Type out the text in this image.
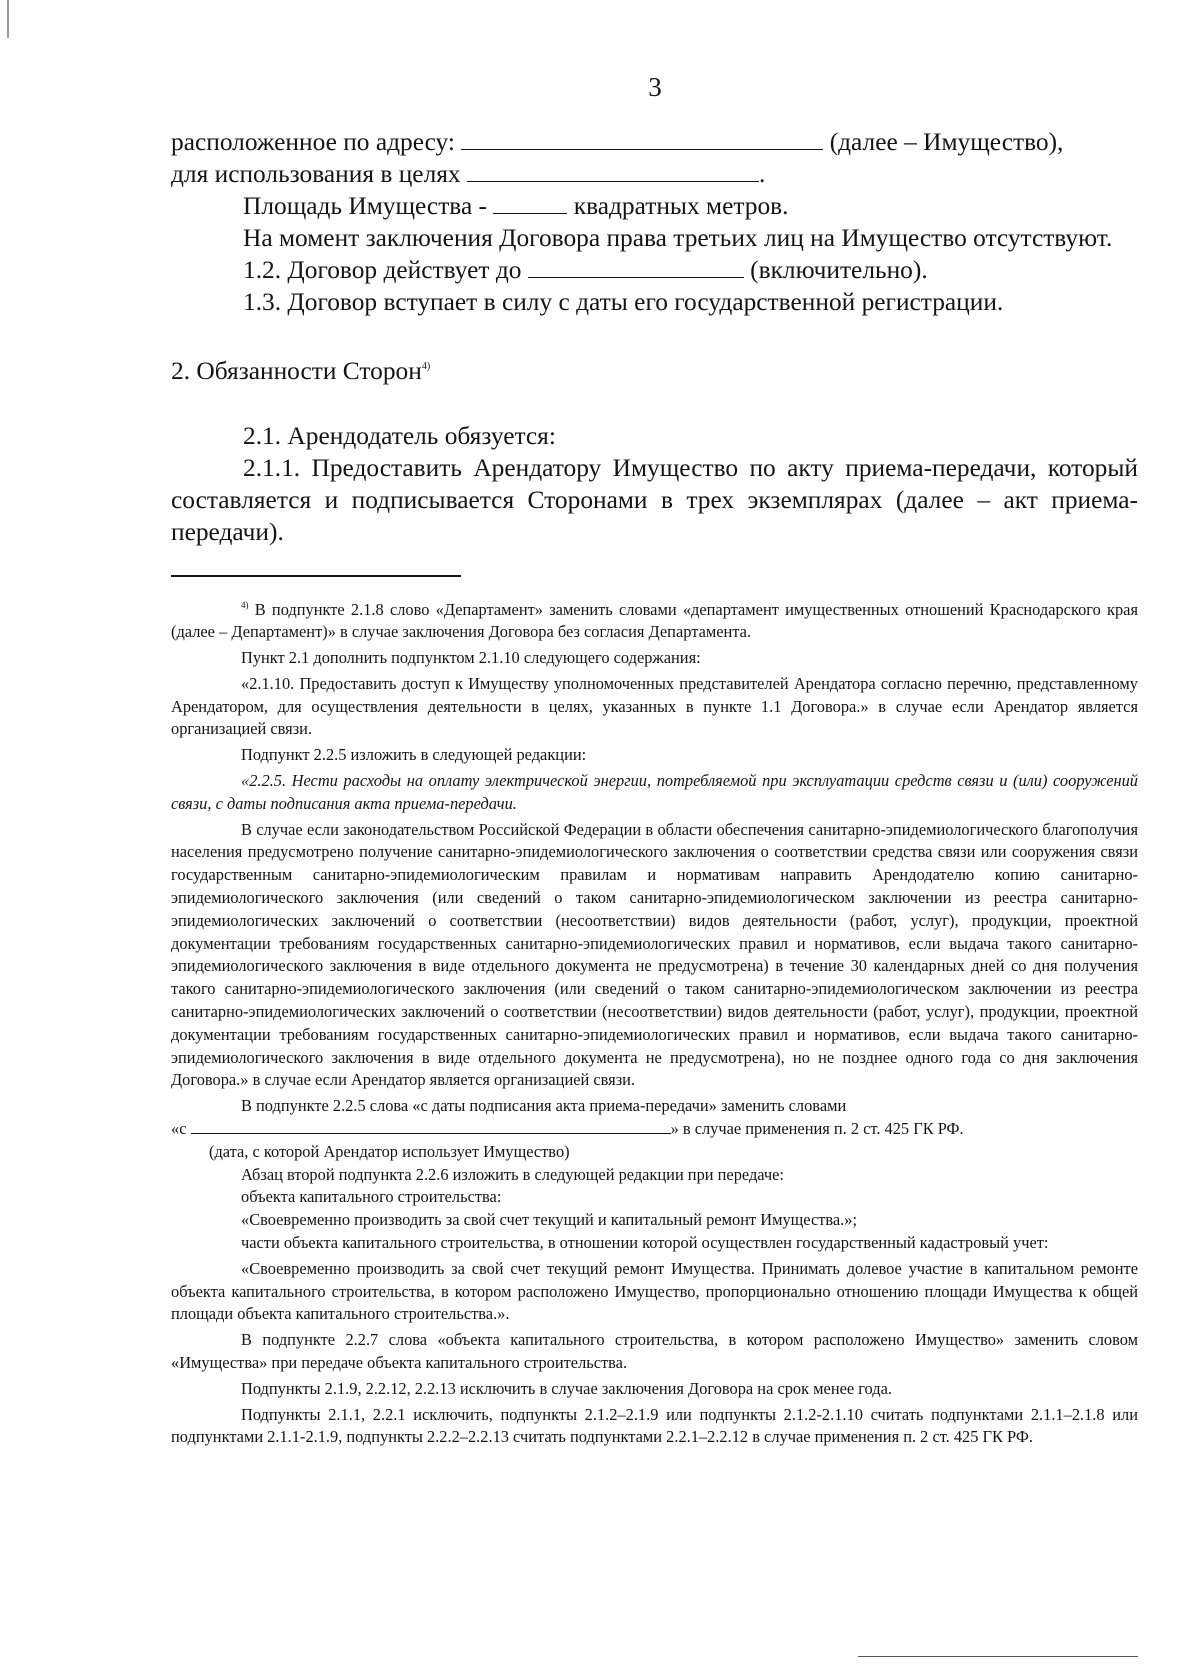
3

расположенное по адресу:	(далее – Имущество),

для использования в целях	.

Площадь Имущества -	квадратных метров.

На момент заключения Договора права третьих лиц на Имущество отсутствуют.

1.2. Договор действует до	(включительно).

1.3. Договор вступает в силу с даты его государственной регистрации.

2. Обязанности Сторон$^{4)}$

2.1. Арендодатель обязуется:

2.1.1. Предоставить Арендатору Имущество по акту приема-передачи, который составляется и подписывается Сторонами в трех экземплярах (далее – акт приема-передачи).

$^{4)}$ В подпункте 2.1.8 слово «Департамент» заменить словами «департамент имущественных отношений Краснодарского края (далее – Департамент)» в случае заключения Договора без согласия Департамента.

Пункт 2.1 дополнить подпунктом 2.1.10 следующего содержания:

«2.1.10. Предоставить доступ к Имуществу уполномоченных представителей Арендатора согласно перечню, представленному Арендатором, для осуществления деятельности в целях, указанных в пункте 1.1 Договора.» в случае если Арендатор является организацией связи.

Подпункт 2.2.5 изложить в следующей редакции:

«2.2.5. Нести расходы на оплату электрической энергии, потребляемой при эксплуатации средств связи и (или) сооружений связи, с даты подписания акта приема-передачи.

В случае если законодательством Российской Федерации в области обеспечения санитарно-эпидемиологического благополучия населения предусмотрено получение санитарно-эпидемиологического заключения о соответствии средства связи или сооружения связи государственным санитарно-эпидемиологическим правилам и нормативам направить Арендодателю копию санитарно-эпидемиологического заключения (или сведений о таком санитарно-эпидемиологическом заключении из реестра санитарно-эпидемиологических заключений о соответствии (несоответствии) видов деятельности (работ, услуг), продукции, проектной документации требованиям государственных санитарно-эпидемиологических правил и нормативов, если выдача такого санитарно-эпидемиологического заключения в виде отдельного документа не предусмотрена) в течение 30 календарных дней со дня получения такого санитарно-эпидемиологического заключения (или сведений о таком санитарно-эпидемиологическом заключении из реестра санитарно-эпидемиологических заключений о соответствии (несоответствии) видов деятельности (работ, услуг), продукции, проектной документации требованиям государственных санитарно-эпидемиологических правил и нормативов, если выдача такого санитарно-эпидемиологического заключения в виде отдельного документа не предусмотрена), но не позднее одного года со дня заключения Договора.» в случае если Арендатор является организацией связи.

В подпункте 2.2.5 слова «с даты подписания акта приема-передачи» заменить словами

«с	» в случае применения п. 2 ст. 425 ГК РФ.

(дата, с которой Арендатор использует Имущество)

Абзац второй подпункта 2.2.6 изложить в следующей редакции при передаче:

объекта капитального строительства:

«Своевременно производить за свой счет текущий и капитальный ремонт Имущества.»;

части объекта капитального строительства, в отношении которой осуществлен государственный кадастровый учет:

«Своевременно производить за свой счет текущий ремонт Имущества. Принимать долевое участие в капитальном ремонте объекта капитального строительства, в котором расположено Имущество, пропорционально отношению площади Имущества к общей площади объекта капитального строительства.».

В подпункте 2.2.7 слова «объекта капитального строительства, в котором расположено Имущество» заменить словом «Имущества» при передаче объекта капитального строительства.

Подпункты 2.1.9, 2.2.12, 2.2.13 исключить в случае заключения Договора на срок менее года.

Подпункты 2.1.1, 2.2.1 исключить, подпункты 2.1.2–2.1.9 или подпункты 2.1.2-2.1.10 считать подпунктами 2.1.1–2.1.8 или подпунктами 2.1.1-2.1.9, подпункты 2.2.2–2.2.13 считать подпунктами 2.2.1–2.2.12 в случае применения п. 2 ст. 425 ГК РФ.
